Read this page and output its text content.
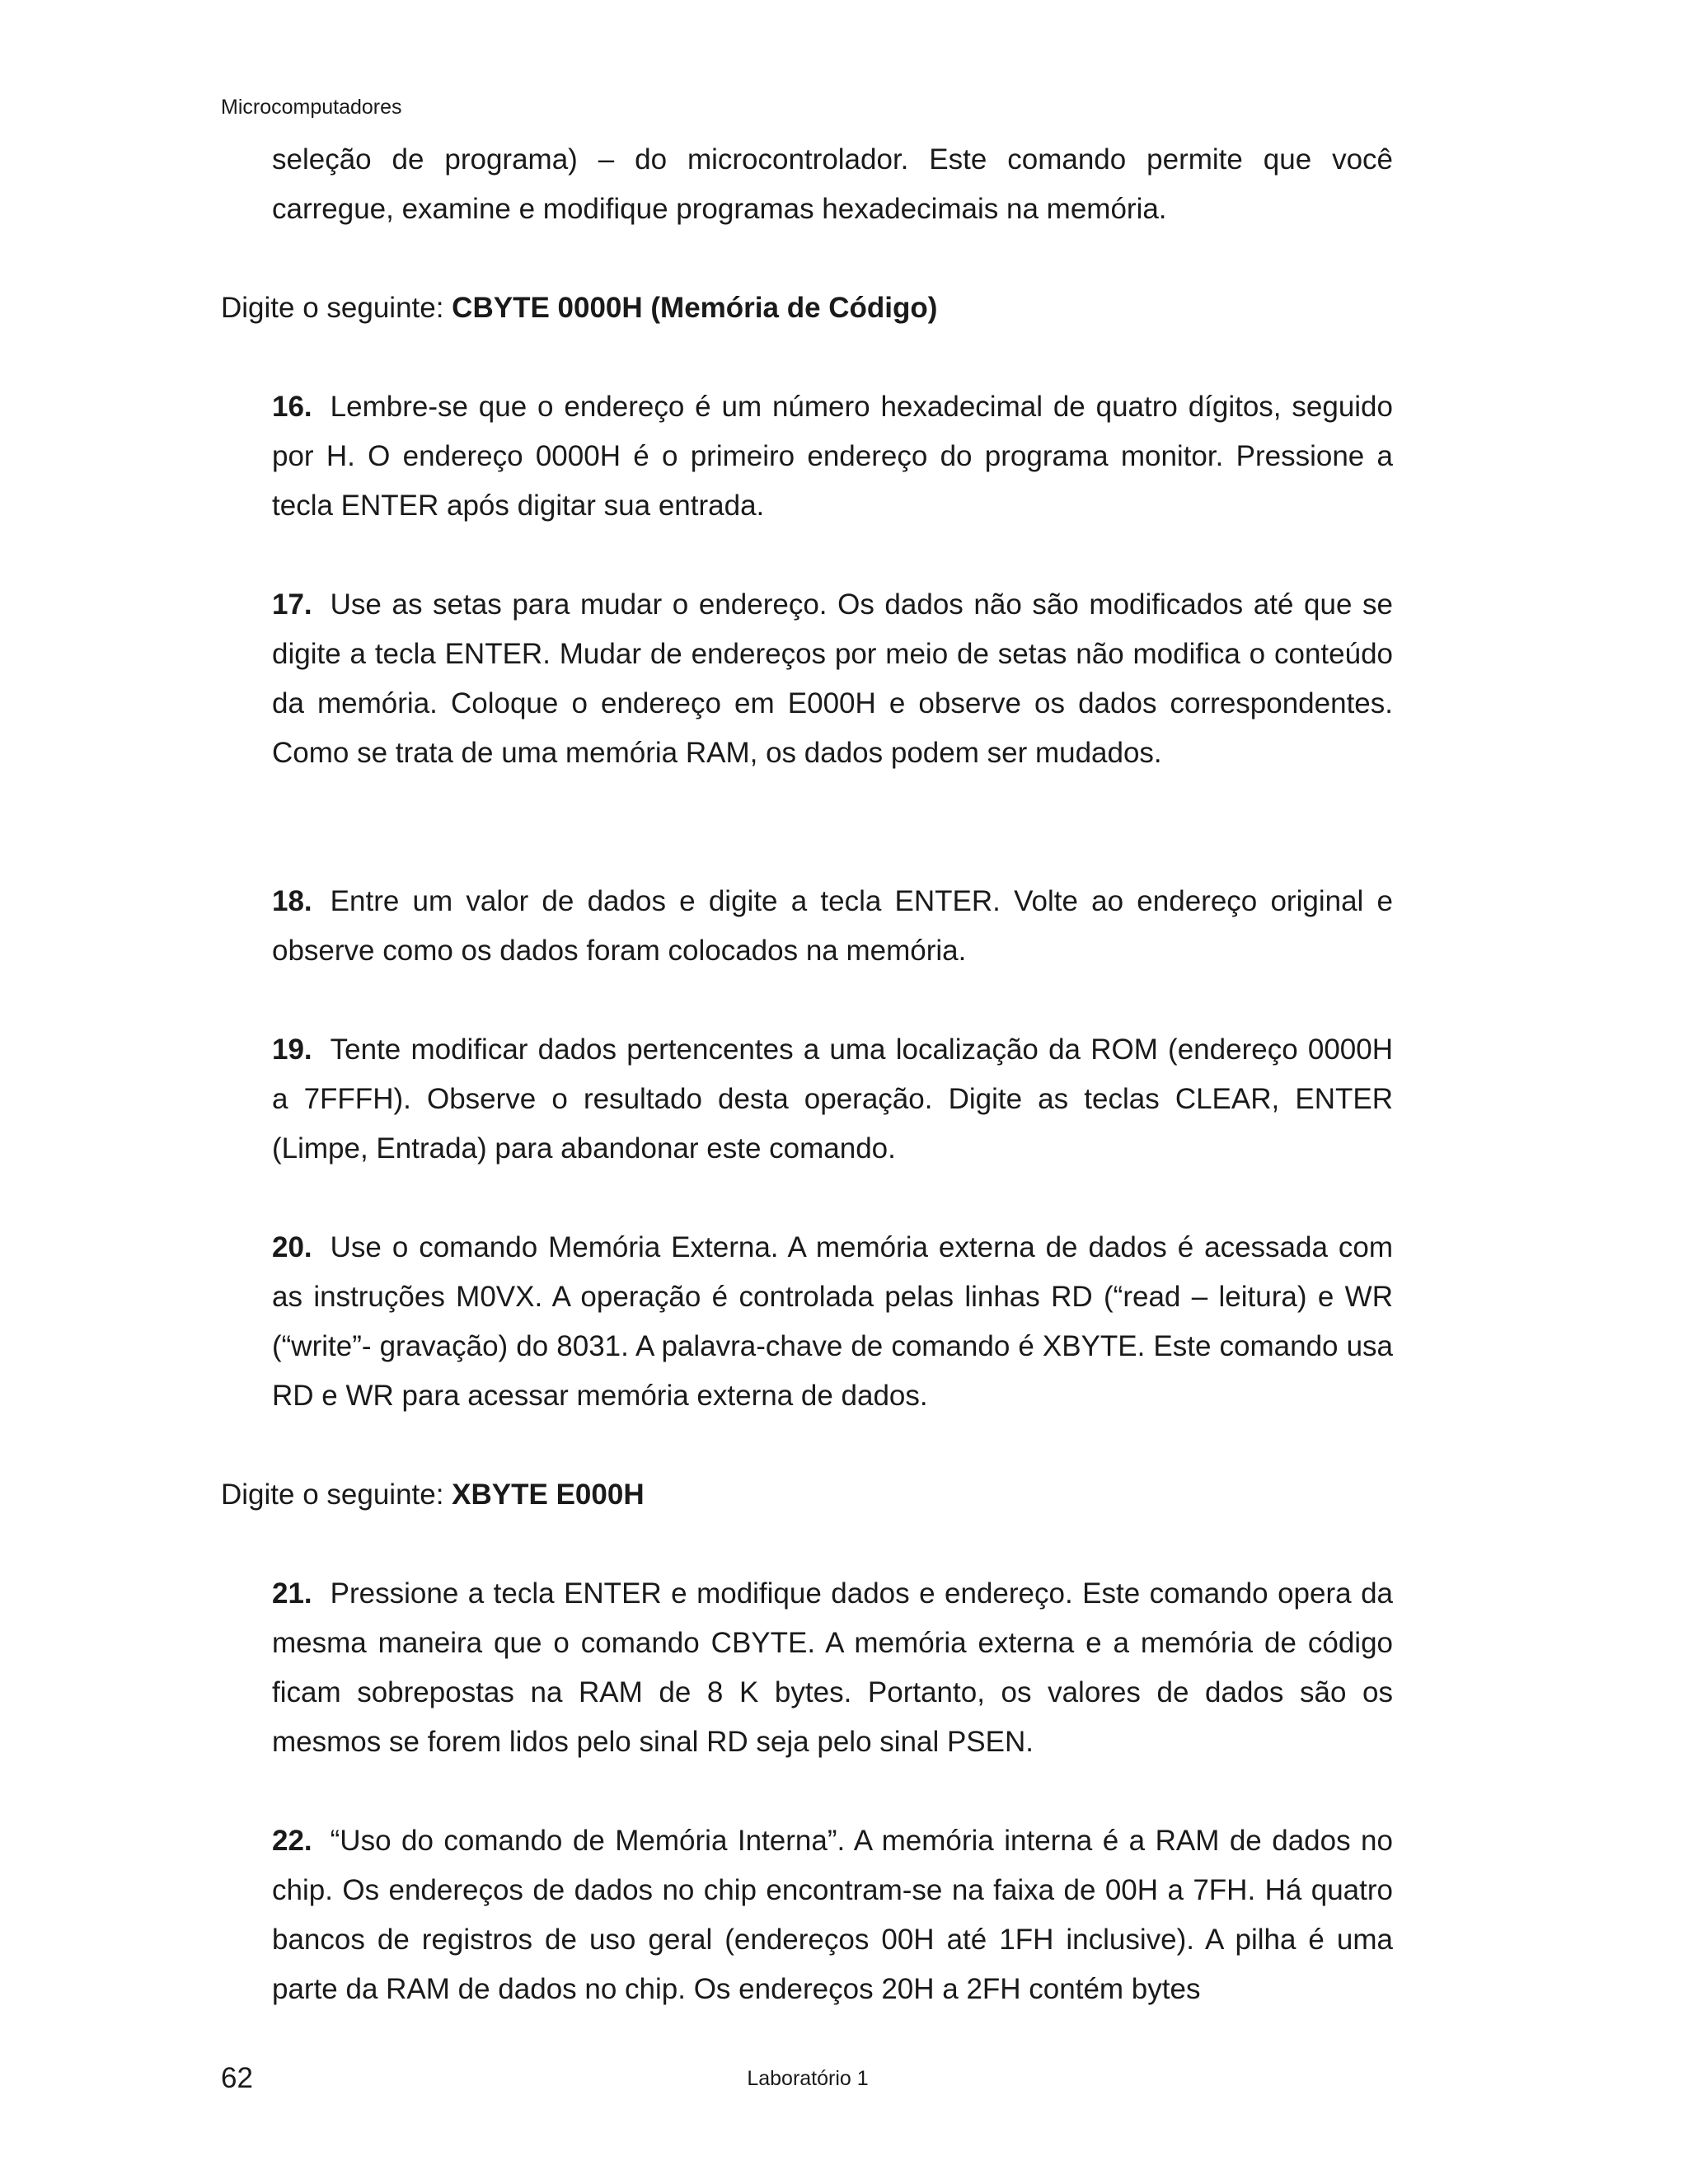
Microcomputadores
seleção de programa) – do microcontrolador. Este comando permite que você carregue, examine e modifique programas hexadecimais na memória.
Digite o seguinte: CBYTE 0000H (Memória de Código)
16. Lembre-se que o endereço é um número hexadecimal de quatro dígitos, seguido por H. O endereço 0000H é o primeiro endereço do programa monitor. Pressione a tecla ENTER após digitar sua entrada.
17. Use as setas para mudar o endereço. Os dados não são modificados até que se digite a tecla ENTER. Mudar de endereços por meio de setas não modifica o conteúdo da memória. Coloque o endereço em E000H e observe os dados correspondentes. Como se trata de uma memória RAM, os dados podem ser mudados.
18. Entre um valor de dados e digite a tecla ENTER. Volte ao endereço original e observe como os dados foram colocados na memória.
19. Tente modificar dados pertencentes a uma localização da ROM (endereço 0000H a 7FFFH). Observe o resultado desta operação. Digite as teclas CLEAR, ENTER (Limpe, Entrada) para abandonar este comando.
20. Use o comando Memória Externa. A memória externa de dados é acessada com as instruções M0VX. A operação é controlada pelas linhas RD (“read – leitura) e WR (“write”- gravação) do 8031. A palavra-chave de comando é XBYTE. Este comando usa RD e WR para acessar memória externa de dados.
Digite o seguinte: XBYTE E000H
21. Pressione a tecla ENTER e modifique dados e endereço. Este comando opera da mesma maneira que o comando CBYTE. A memória externa e a memória de código ficam sobrepostas na RAM de 8 K bytes. Portanto, os valores de dados são os mesmos se forem lidos pelo sinal RD seja pelo sinal PSEN.
22. “Uso do comando de Memória Interna”. A memória interna é a RAM de dados no chip. Os endereços de dados no chip encontram-se na faixa de 00H a 7FH. Há quatro bancos de registros de uso geral (endereços 00H até 1FH inclusive). A pilha é uma parte da RAM de dados no chip. Os endereços 20H a 2FH contém bytes
62	Laboratório 1
